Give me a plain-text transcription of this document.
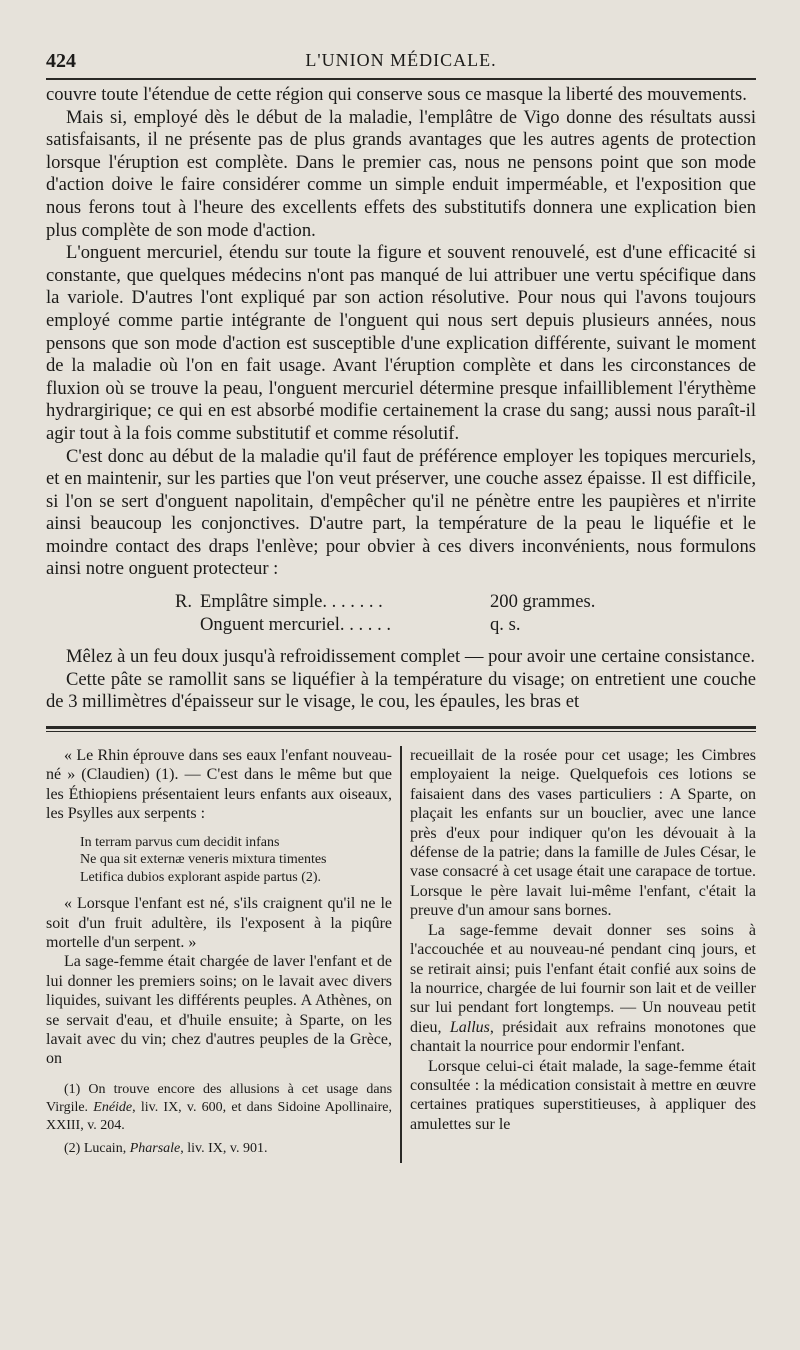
424	L'UNION MÉDICALE.

couvre toute l'étendue de cette région qui conserve sous ce masque la liberté des mouvements.

Mais si, employé dès le début de la maladie, l'emplâtre de Vigo donne des résultats aussi satisfaisants, il ne présente pas de plus grands avantages que les autres agents de protection lorsque l'éruption est complète. Dans le premier cas, nous ne pensons point que son mode d'action doive le faire considérer comme un simple enduit imperméable, et l'exposition que nous ferons tout à l'heure des excellents effets des substitutifs donnera une explication bien plus complète de son mode d'action.

L'onguent mercuriel, étendu sur toute la figure et souvent renouvelé, est d'une efficacité si constante, que quelques médecins n'ont pas manqué de lui attribuer une vertu spécifique dans la variole. D'autres l'ont expliqué par son action résolutive. Pour nous qui l'avons toujours employé comme partie intégrante de l'onguent qui nous sert depuis plusieurs années, nous pensons que son mode d'action est susceptible d'une explication différente, suivant le moment de la maladie où l'on en fait usage. Avant l'éruption complète et dans les circonstances de fluxion où se trouve la peau, l'onguent mercuriel détermine presque infailliblement l'érythème hydrargirique; ce qui en est absorbé modifie certainement la crase du sang; aussi nous paraît-il agir tout à la fois comme substitutif et comme résolutif.

C'est donc au début de la maladie qu'il faut de préférence employer les topiques mercuriels, et en maintenir, sur les parties que l'on veut préserver, une couche assez épaisse. Il est difficile, si l'on se sert d'onguent napolitain, d'empêcher qu'il ne pénètre entre les paupières et n'irrite ainsi beaucoup les conjonctives. D'autre part, la température de la peau le liquéfie et le moindre contact des draps l'enlève; pour obvier à ces divers inconvénients, nous formulons ainsi notre onguent protecteur :

R. Emplâtre simple. . . . . . .	200 grammes.
Onguent mercuriel. . . . . .	q. s.

Mêlez à un feu doux jusqu'à refroidissement complet — pour avoir une certaine consistance.

Cette pâte se ramollit sans se liquéfier à la température du visage; on entretient une couche de 3 millimètres d'épaisseur sur le visage, le cou, les épaules, les bras et

« Le Rhin éprouve dans ses eaux l'enfant nouveau-né » (Claudien) (1). — C'est dans le même but que les Éthiopiens présentaient leurs enfants aux oiseaux, les Psylles aux serpents :

In terram parvus cum decidit infans
Ne qua sit externæ veneris mixtura timentes
Letifica dubios explorant aspide partus (2).

« Lorsque l'enfant est né, s'ils craignent qu'il ne le soit d'un fruit adultère, ils l'exposent à la piqûre mortelle d'un serpent. »

La sage-femme était chargée de laver l'enfant et de lui donner les premiers soins; on le lavait avec divers liquides, suivant les différents peuples. A Athènes, on se servait d'eau, et d'huile ensuite; à Sparte, on les lavait avec du vin; chez d'autres peuples de la Grèce, on

(1) On trouve encore des allusions à cet usage dans Virgile. Enéide, liv. IX, v. 600, et dans Sidoine Apollinaire, XXIII, v. 204.

(2) Lucain, Pharsale, liv. IX, v. 901.

recueillait de la rosée pour cet usage; les Cimbres employaient la neige. Quelquefois ces lotions se faisaient dans des vases particuliers : A Sparte, on plaçait les enfants sur un bouclier, avec une lance près d'eux pour indiquer qu'on les dévouait à la défense de la patrie; dans la famille de Jules César, le vase consacré à cet usage était une carapace de tortue. Lorsque le père lavait lui-même l'enfant, c'était la preuve d'un amour sans bornes.

La sage-femme devait donner ses soins à l'accouchée et au nouveau-né pendant cinq jours, et se retirait ainsi; puis l'enfant était confié aux soins de la nourrice, chargée de lui fournir son lait et de veiller sur lui pendant fort longtemps. — Un nouveau petit dieu, Lallus, présidait aux refrains monotones que chantait la nourrice pour endormir l'enfant.

Lorsque celui-ci était malade, la sage-femme était consultée : la médication consistait à mettre en œuvre certaines pratiques superstitieuses, à appliquer des amulettes sur le
